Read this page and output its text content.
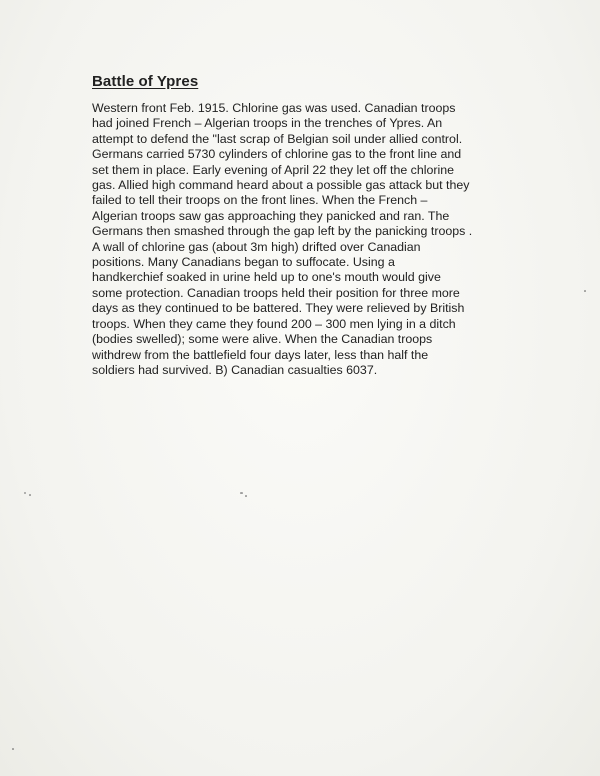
Battle of Ypres
Western front Feb. 1915. Chlorine gas was used. Canadian troops
had joined French – Algerian troops in the trenches of Ypres. An
attempt to defend the "last scrap of Belgian soil under allied control.
Germans carried 5730 cylinders of chlorine gas to the front line and
set them in place. Early evening of April 22 they let off the chlorine
gas. Allied high command heard about a possible gas attack but they
failed to tell their troops on the front lines. When the French –
Algerian troops saw gas approaching they panicked and ran. The
Germans then smashed through the gap left by the panicking troops .
A wall of chlorine gas (about 3m high) drifted over Canadian
positions. Many Canadians began to suffocate. Using a
handkerchief soaked in urine held up to one's mouth would give
some protection. Canadian troops held their position for three more
days as they continued to be battered. They were relieved by British
troops. When they came they found 200 – 300 men lying in a ditch
(bodies swelled); some were alive. When the Canadian troops
withdrew from the battlefield four days later, less than half the
soldiers had survived. B) Canadian casualties 6037.
